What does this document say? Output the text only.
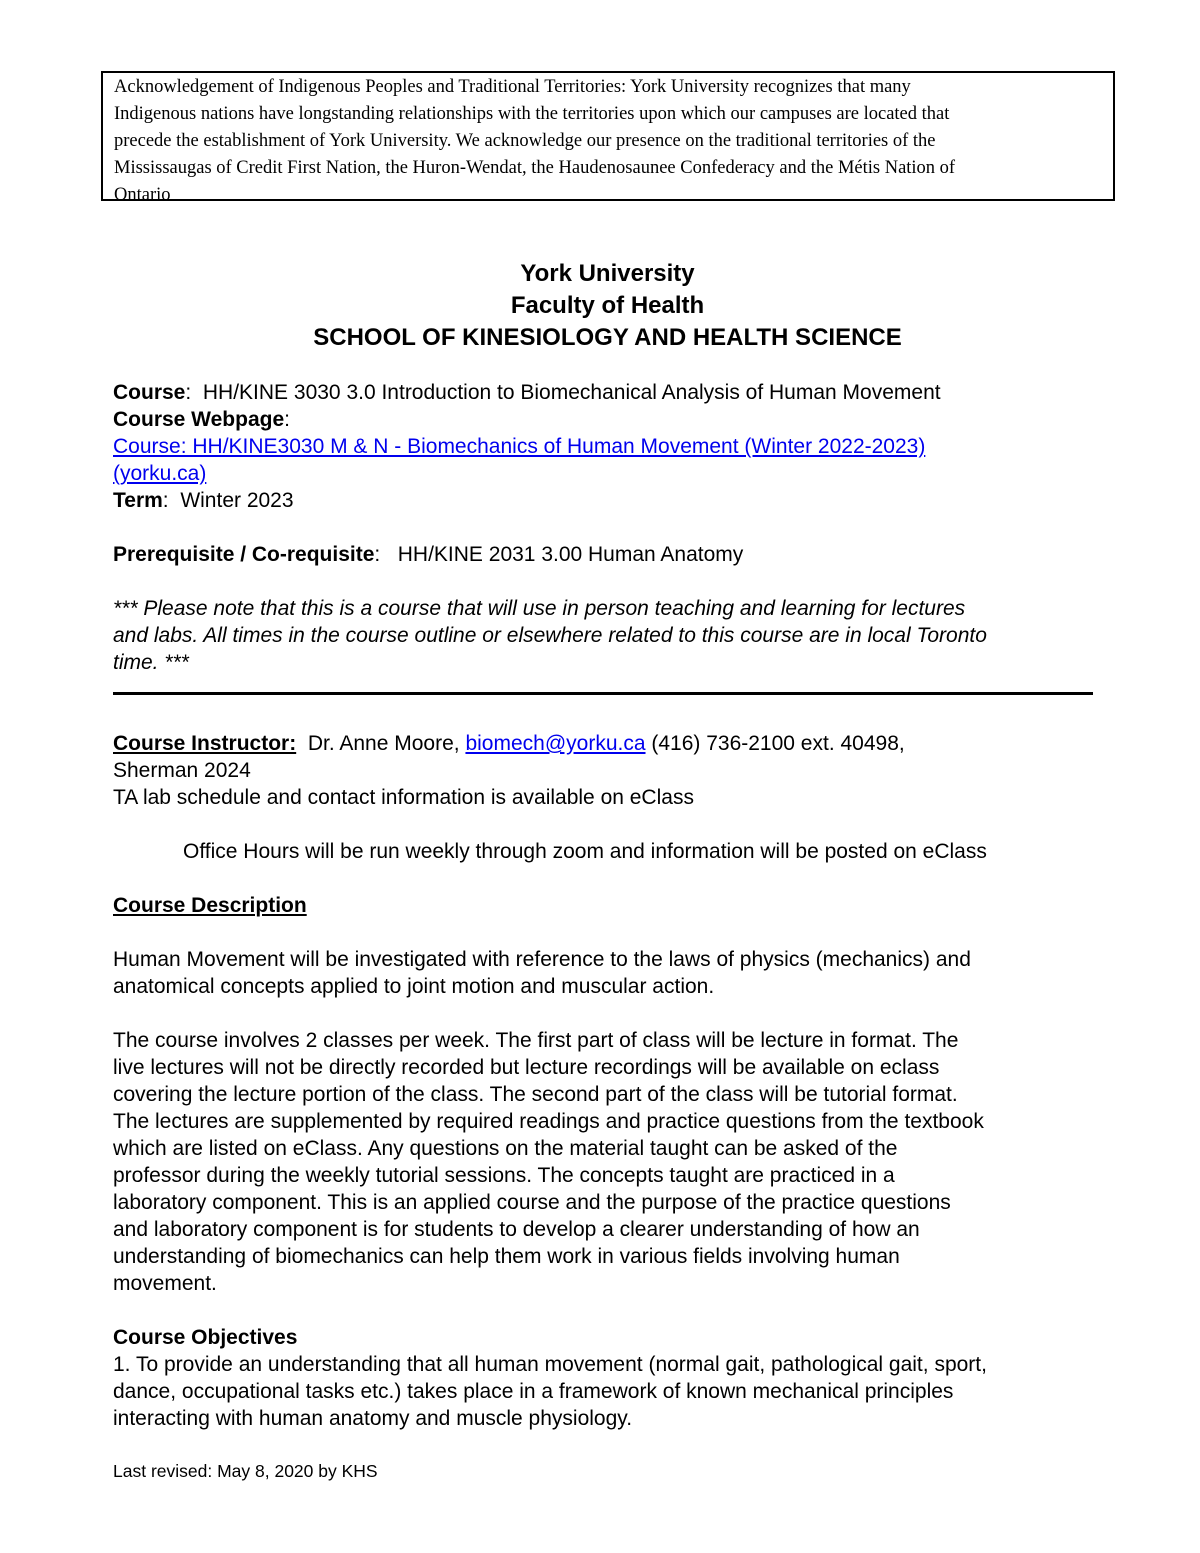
Acknowledgement of Indigenous Peoples and Traditional Territories: York University recognizes that many
Indigenous nations have longstanding relationships with the territories upon which our campuses are located that
precede the establishment of York University. We acknowledge our presence on the traditional territories of the
Mississaugas of Credit First Nation, the Huron-Wendat, the Haudenosaunee Confederacy and the Métis Nation of
Ontario
York University
Faculty of Health
SCHOOL OF KINESIOLOGY AND HEALTH SCIENCE
Course:  HH/KINE 3030 3.0 Introduction to Biomechanical Analysis of Human Movement
Course Webpage:
Course: HH/KINE3030 M & N - Biomechanics of Human Movement (Winter 2022-2023)
(yorku.ca)
Term:  Winter 2023
Prerequisite / Co-requisite:   HH/KINE 2031 3.00 Human Anatomy
*** Please note that this is a course that will use in person teaching and learning for lectures
and labs. All times in the course outline or elsewhere related to this course are in local Toronto
time. ***
Course Instructor: Dr. Anne Moore, biomech@yorku.ca (416) 736-2100 ext. 40498,
Sherman 2024
TA lab schedule and contact information is available on eClass
Office Hours will be run weekly through zoom and information will be posted on eClass
Course Description
Human Movement will be investigated with reference to the laws of physics (mechanics) and
anatomical concepts applied to joint motion and muscular action.
The course involves 2 classes per week. The first part of class will be lecture in format. The
live lectures will not be directly recorded but lecture recordings will be available on eclass
covering the lecture portion of the class. The second part of the class will be tutorial format.
The lectures are supplemented by required readings and practice questions from the textbook
which are listed on eClass. Any questions on the material taught can be asked of the
professor during the weekly tutorial sessions. The concepts taught are practiced in a
laboratory component. This is an applied course and the purpose of the practice questions
and laboratory component is for students to develop a clearer understanding of how an
understanding of biomechanics can help them work in various fields involving human
movement.
Course Objectives
1. To provide an understanding that all human movement (normal gait, pathological gait, sport,
dance, occupational tasks etc.) takes place in a framework of known mechanical principles
interacting with human anatomy and muscle physiology.
Last revised: May 8, 2020 by KHS
